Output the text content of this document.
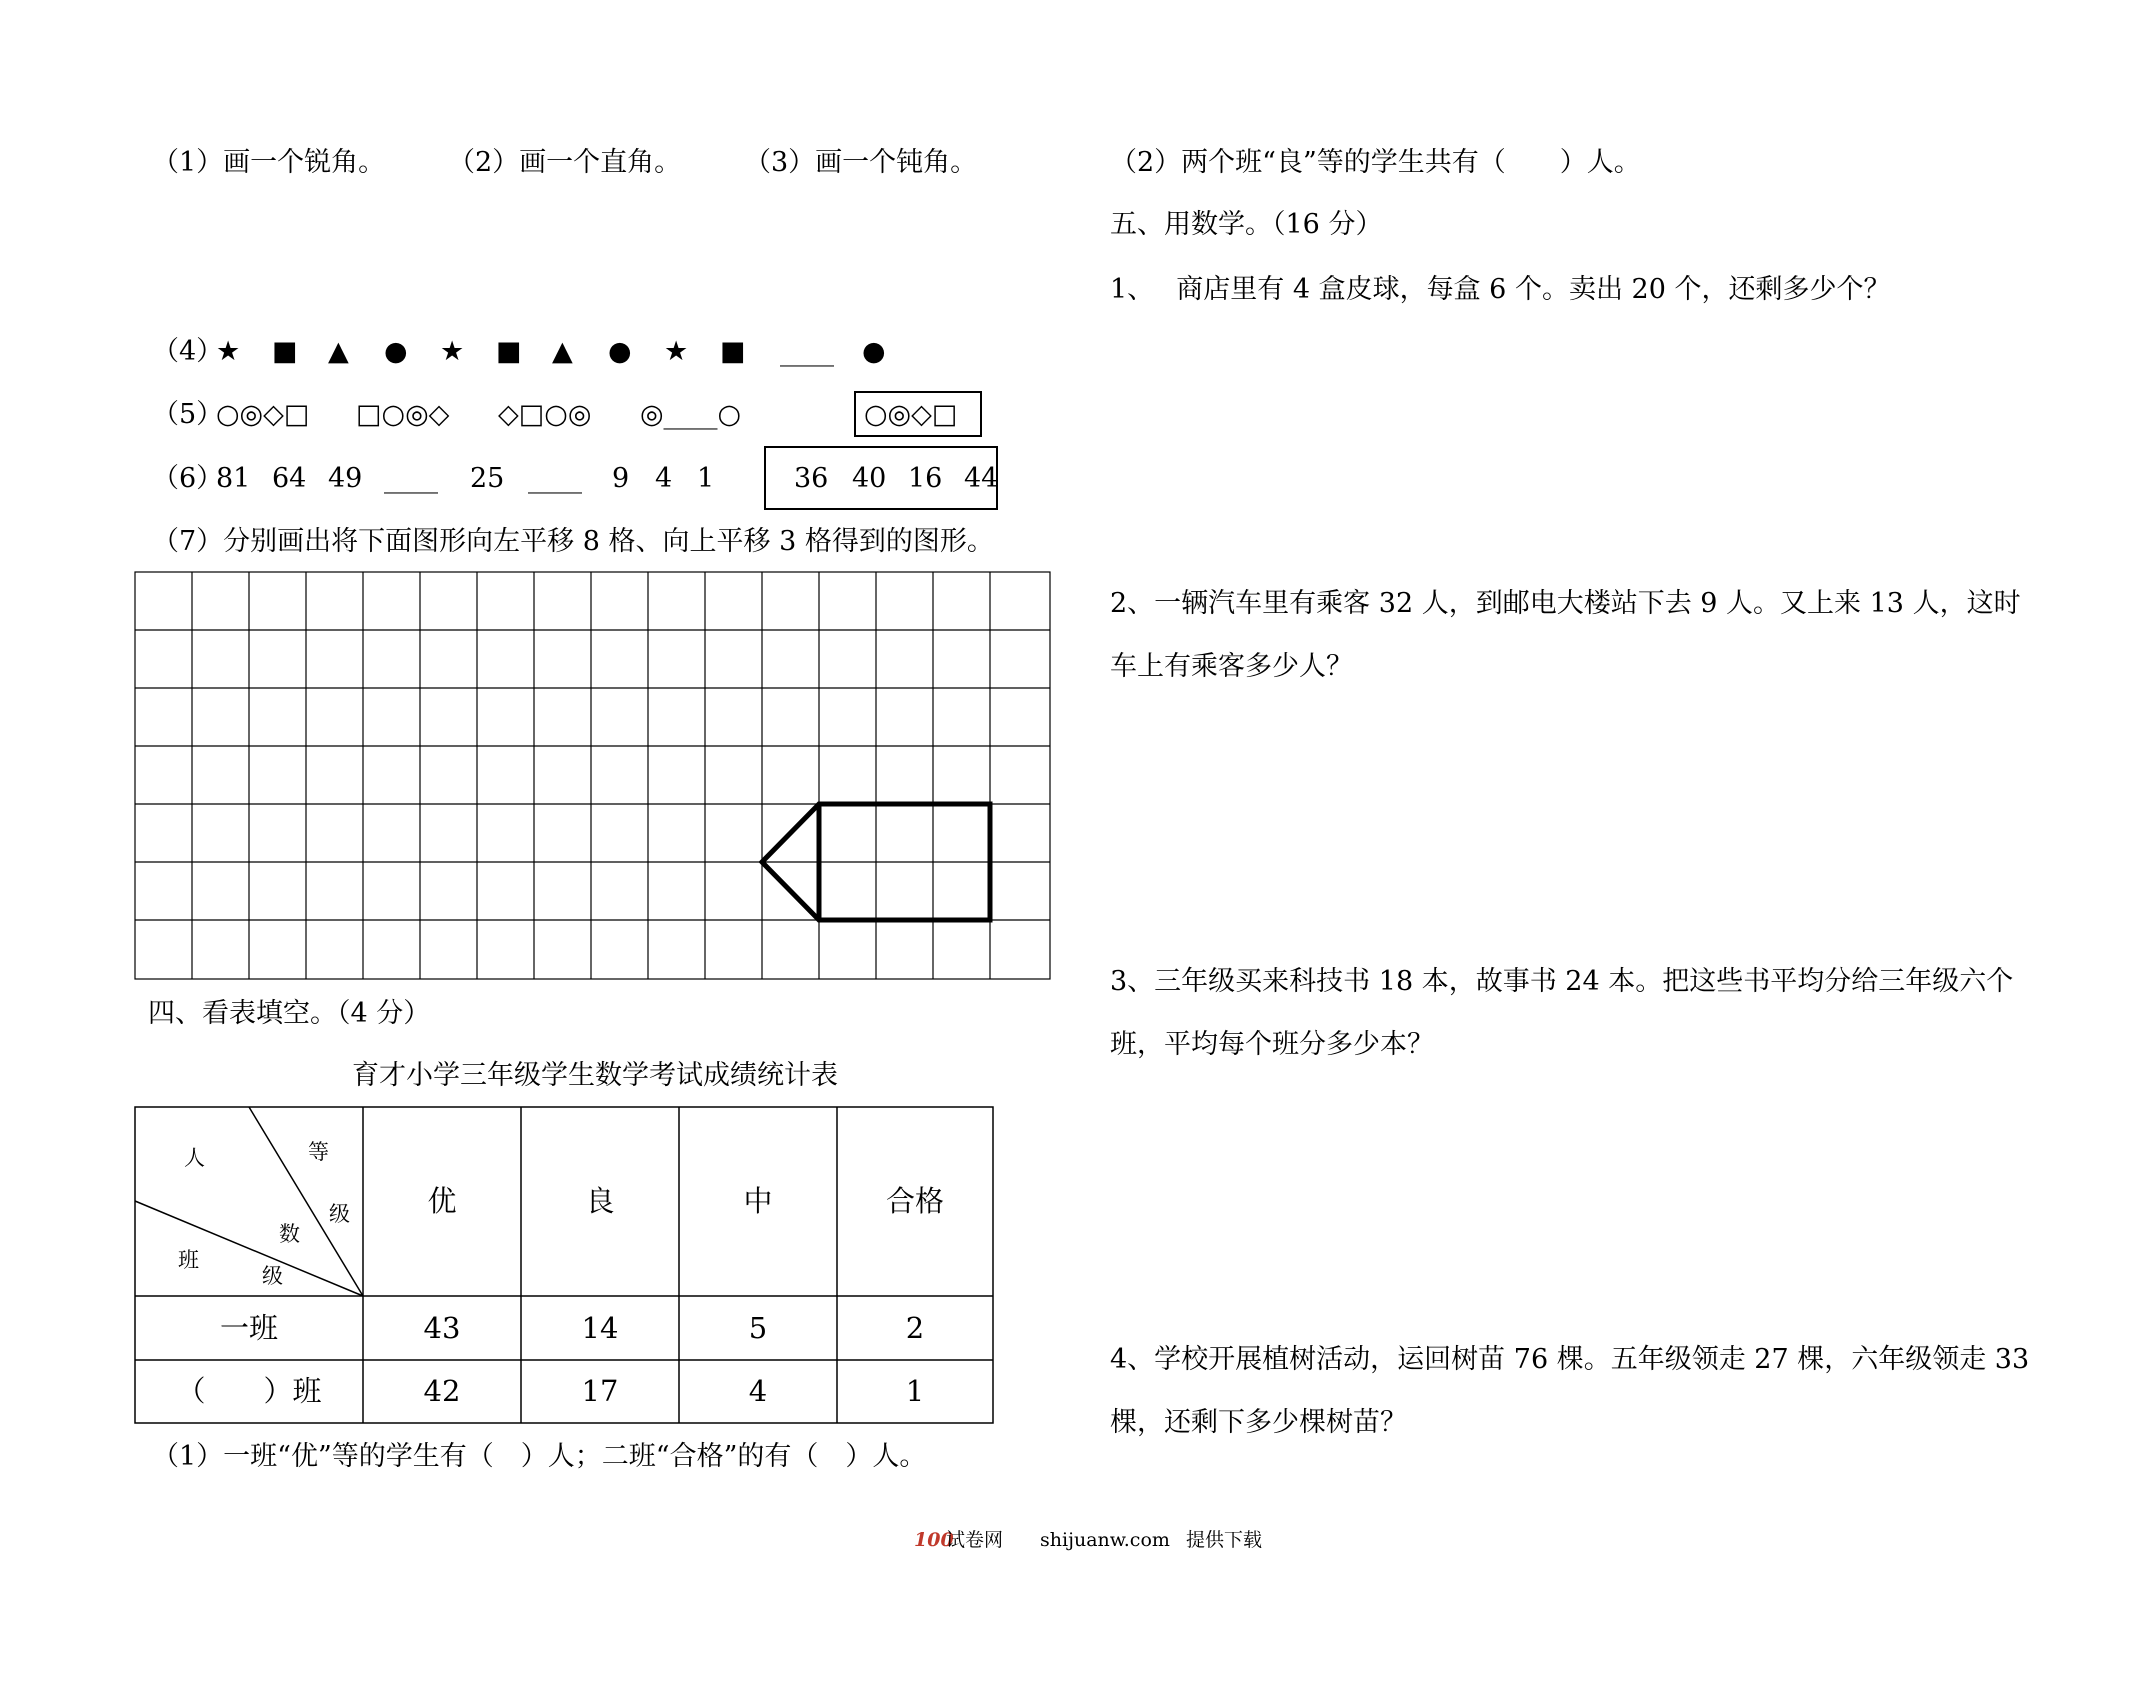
（1）画一个锐角。 （2）画一个直角。 （3）画一个钝角。
（4）
★ ■ ▲ ● ★ ■ ▲ ● ★ ■ ____ ●
（5）
○◎◇□ □○◎◇ ◇□○◎ ◎____○	○◎◇□
（6）
81 64 49 ____ 25 ____ 9 4 1	36 40 16 44
（7）分别画出将下面图形向左平移 8 格、向上平移 3 格得到的图形。
四、看表填空。（4 分）
育才小学三年级学生数学考试成绩统计表
人	等
级
数
班
级
优	良	中	合格
一班	43	14	5	2
（　　）班	42	17	4	1
（1）一班“优”等的学生有（　）人；二班“合格”的有（　）人。
（2）两个班“良”等的学生共有（　　）人。
五、用数学。（16 分）
1、　 商店里有 4 盒皮球，每盒 6 个。卖出 20 个，还剩多少个？
2、一辆汽车里有乘客 32 人，到邮电大楼站下去 9 人。又上来 13 人，这时
车上有乘客多少人？
3、三年级买来科技书 18 本，故事书 24 本。把这些书平均分给三年级六个
班，平均每个班分多少本？
4、学校开展植树活动，运回树苗 76 棵。五年级领走 27 棵，六年级领走 33
棵，还剩下多少棵树苗？
100
试卷网 shijuanw.com 提供下载
